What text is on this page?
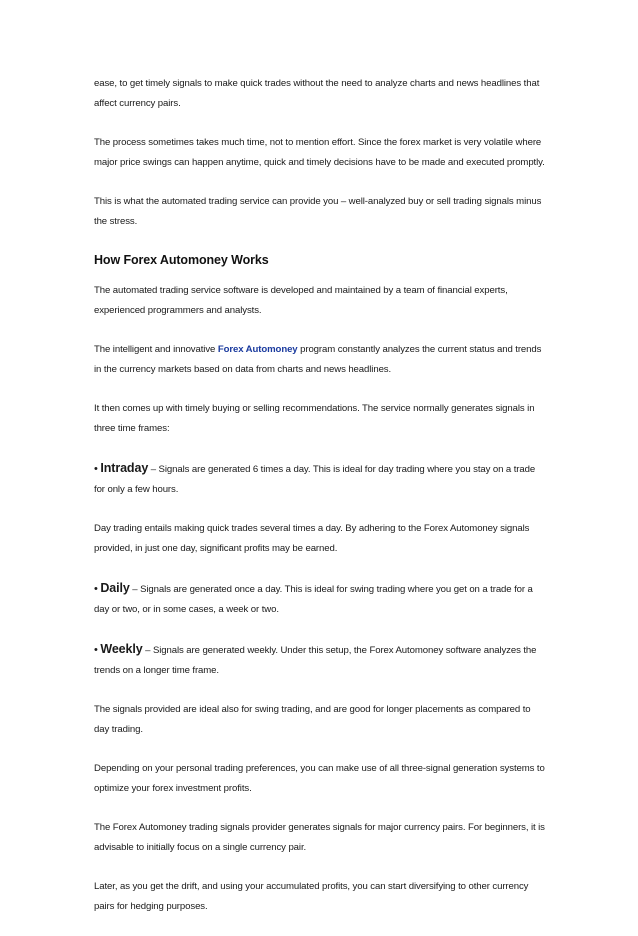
ease, to get timely signals to make quick trades without the need to analyze charts and news headlines that affect currency pairs.

The process sometimes takes much time, not to mention effort. Since the forex market is very volatile where major price swings can happen anytime, quick and timely decisions have to be made and executed promptly.

This is what the automated trading service can provide you – well-analyzed buy or sell trading signals minus the stress.

How Forex Automoney Works

The automated trading service software is developed and maintained by a team of financial experts, experienced programmers and analysts.

The intelligent and innovative Forex Automoney program constantly analyzes the current status and trends in the currency markets based on data from charts and news headlines.

It then comes up with timely buying or selling recommendations. The service normally generates signals in three time frames:

• Intraday – Signals are generated 6 times a day. This is ideal for day trading where you stay on a trade for only a few hours.

Day trading entails making quick trades several times a day. By adhering to the Forex Automoney signals provided, in just one day, significant profits may be earned.

• Daily – Signals are generated once a day. This is ideal for swing trading where you get on a trade for a day or two, or in some cases, a week or two.

• Weekly – Signals are generated weekly. Under this setup, the Forex Automoney software analyzes the trends on a longer time frame.

The signals provided are ideal also for swing trading, and are good for longer placements as compared to day trading.

Depending on your personal trading preferences, you can make use of all three-signal generation systems to optimize your forex investment profits.

The Forex Automoney trading signals provider generates signals for major currency pairs. For beginners, it is advisable to initially focus on a single currency pair.

Later, as you get the drift, and using your accumulated profits, you can start diversifying to other currency pairs for hedging purposes.
